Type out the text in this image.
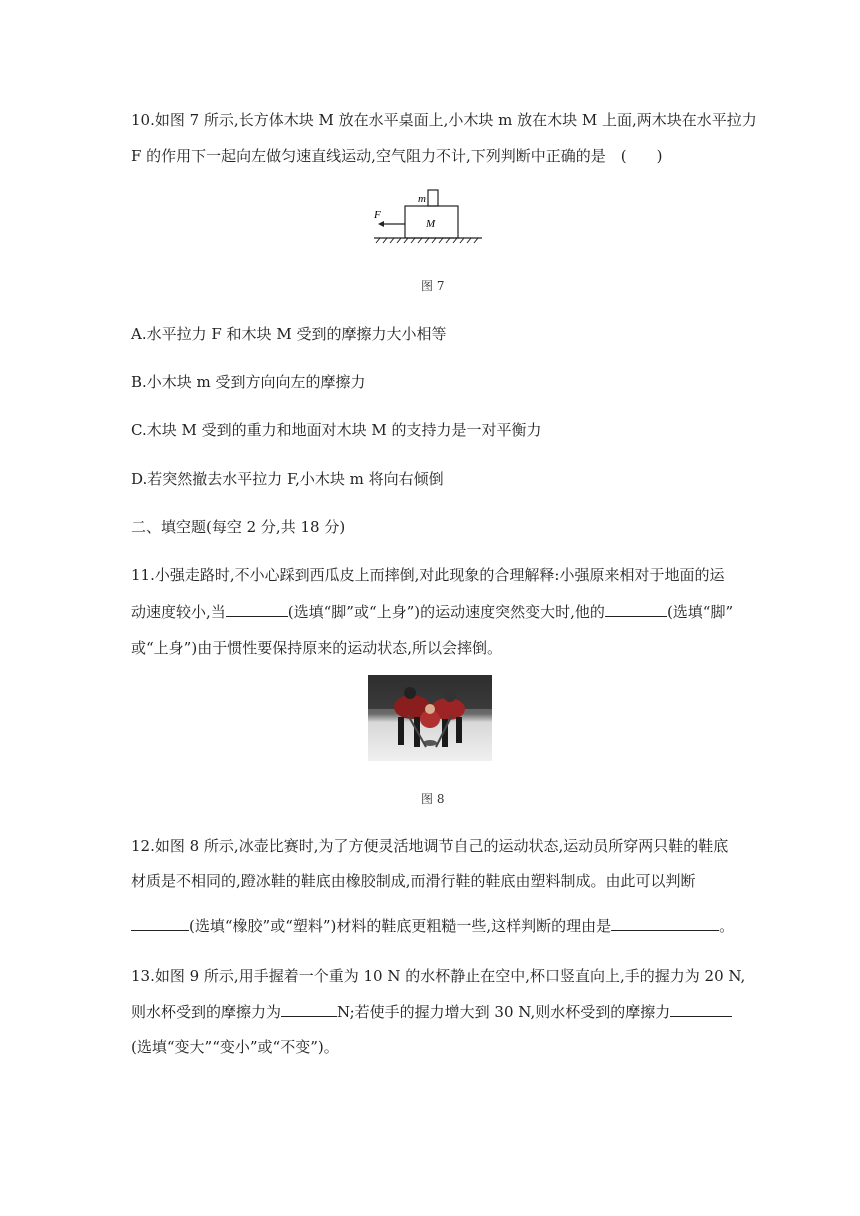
10.如图 7 所示,长方体木块 M 放在水平桌面上,小木块 m 放在木块 M 上面,两木块在水平拉力
F 的作用下一起向左做匀速直线运动,空气阻力不计,下列判断中正确的是　(　　)
m
M
F
图 7
A.水平拉力 F 和木块 M 受到的摩擦力大小相等
B.小木块 m 受到方向向左的摩擦力
C.木块 M 受到的重力和地面对木块 M 的支持力是一对平衡力
D.若突然撤去水平拉力 F,小木块 m 将向右倾倒
二、填空题(每空 2 分,共 18 分)
11.小强走路时,不小心踩到西瓜皮上而摔倒,对此现象的合理解释:小强原来相对于地面的运
动速度较小,当	(选填“脚”或“上身”)的运动速度突然变大时,他的	(选填“脚”
或“上身”)由于惯性要保持原来的运动状态,所以会摔倒。
图 8
12.如图 8 所示,冰壶比赛时,为了方便灵活地调节自己的运动状态,运动员所穿两只鞋的鞋底
材质是不相同的,蹬冰鞋的鞋底由橡胶制成,而滑行鞋的鞋底由塑料制成。由此可以判断
(选填“橡胶”或“塑料”)材料的鞋底更粗糙一些,这样判断的理由是	。
13.如图 9 所示,用手握着一个重为 10 N 的水杯静止在空中,杯口竖直向上,手的握力为 20 N,
则水杯受到的摩擦力为	N;若使手的握力增大到 30 N,则水杯受到的摩擦力
(选填“变大”“变小”或“不变”)。
